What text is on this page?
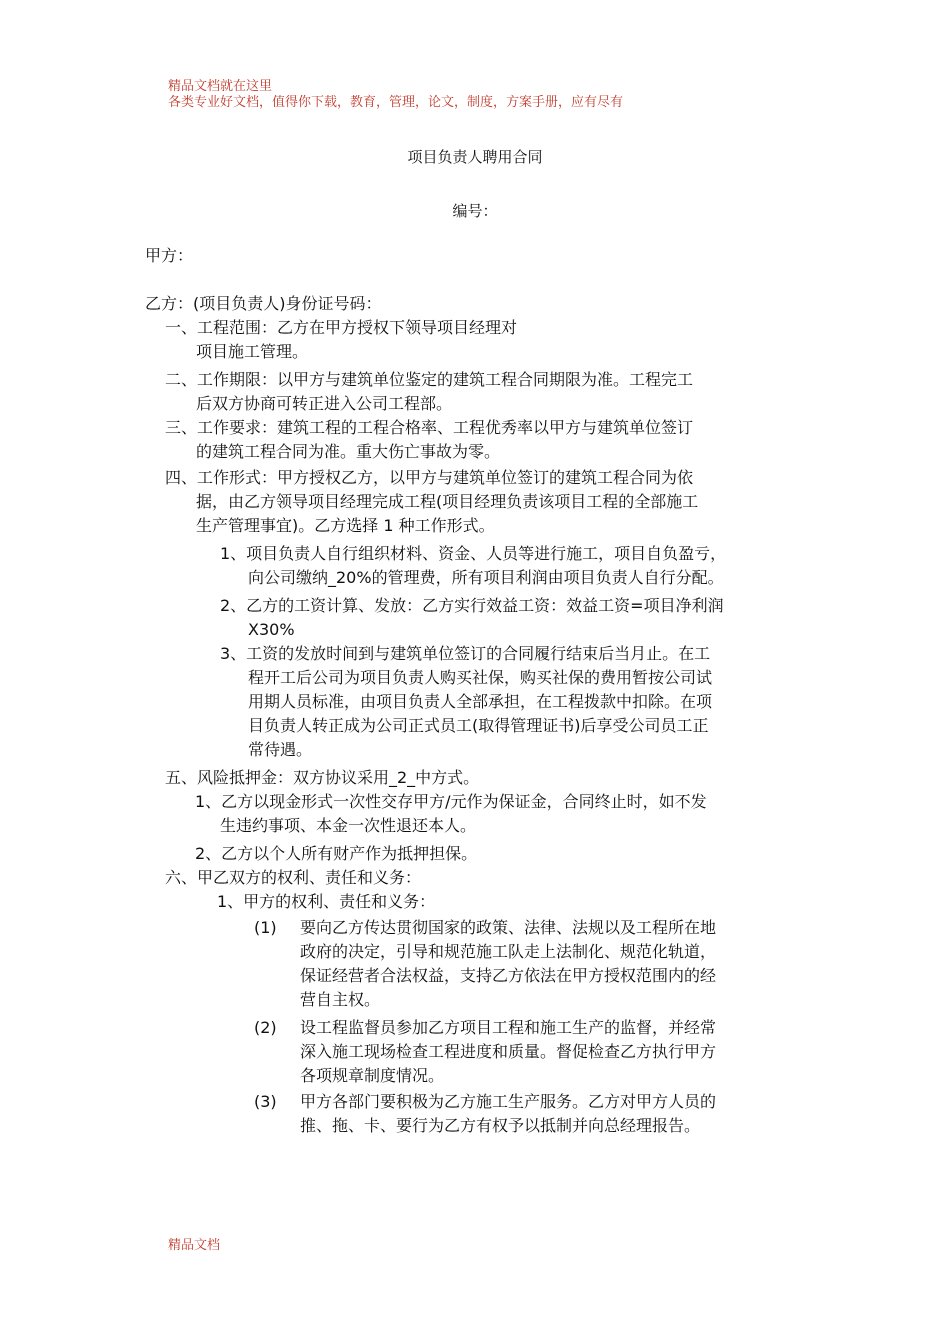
精品文档就在这里
各类专业好文档，值得你下载，教育，管理，论文，制度，方案手册，应有尽有
项目负责人聘用合同
编号：
甲方：
乙方：(项目负责人)身份证号码：
一、工程范围：乙方在甲方授权下领导项目经理对
项目施工管理。
二、工作期限：以甲方与建筑单位鉴定的建筑工程合同期限为准。工程完工
后双方协商可转正进入公司工程部。
三、工作要求：建筑工程的工程合格率、工程优秀率以甲方与建筑单位签订
的建筑工程合同为准。重大伤亡事故为零。
四、工作形式：甲方授权乙方，以甲方与建筑单位签订的建筑工程合同为依
据，由乙方领导项目经理完成工程(项目经理负责该项目工程的全部施工
生产管理事宜)。乙方选择 1 种工作形式。
1、项目负责人自行组织材料、资金、人员等进行施工，项目自负盈亏，
向公司缴纳_20%的管理费，所有项目利润由项目负责人自行分配。
2、乙方的工资计算、发放：乙方实行效益工资：效益工资=项目净利润
X30%
3、工资的发放时间到与建筑单位签订的合同履行结束后当月止。在工
程开工后公司为项目负责人购买社保，购买社保的费用暂按公司试
用期人员标准，由项目负责人全部承担，在工程拨款中扣除。在项
目负责人转正成为公司正式员工(取得管理证书)后享受公司员工正
常待遇。
五、风险抵押金：双方协议采用_2_中方式。
1、乙方以现金形式一次性交存甲方/元作为保证金，合同终止时，如不发
生违约事项、本金一次性退还本人。
2、乙方以个人所有财产作为抵押担保。
六、甲乙双方的权利、责任和义务：
1、甲方的权利、责任和义务：
(1) 要向乙方传达贯彻国家的政策、法律、法规以及工程所在地
政府的决定，引导和规范施工队走上法制化、规范化轨道，
保证经营者合法权益，支持乙方依法在甲方授权范围内的经
营自主权。
(2) 设工程监督员参加乙方项目工程和施工生产的监督，并经常
深入施工现场检查工程进度和质量。督促检查乙方执行甲方
各项规章制度情况。
(3) 甲方各部门要积极为乙方施工生产服务。乙方对甲方人员的
推、拖、卡、要行为乙方有权予以抵制并向总经理报告。
精品文档
